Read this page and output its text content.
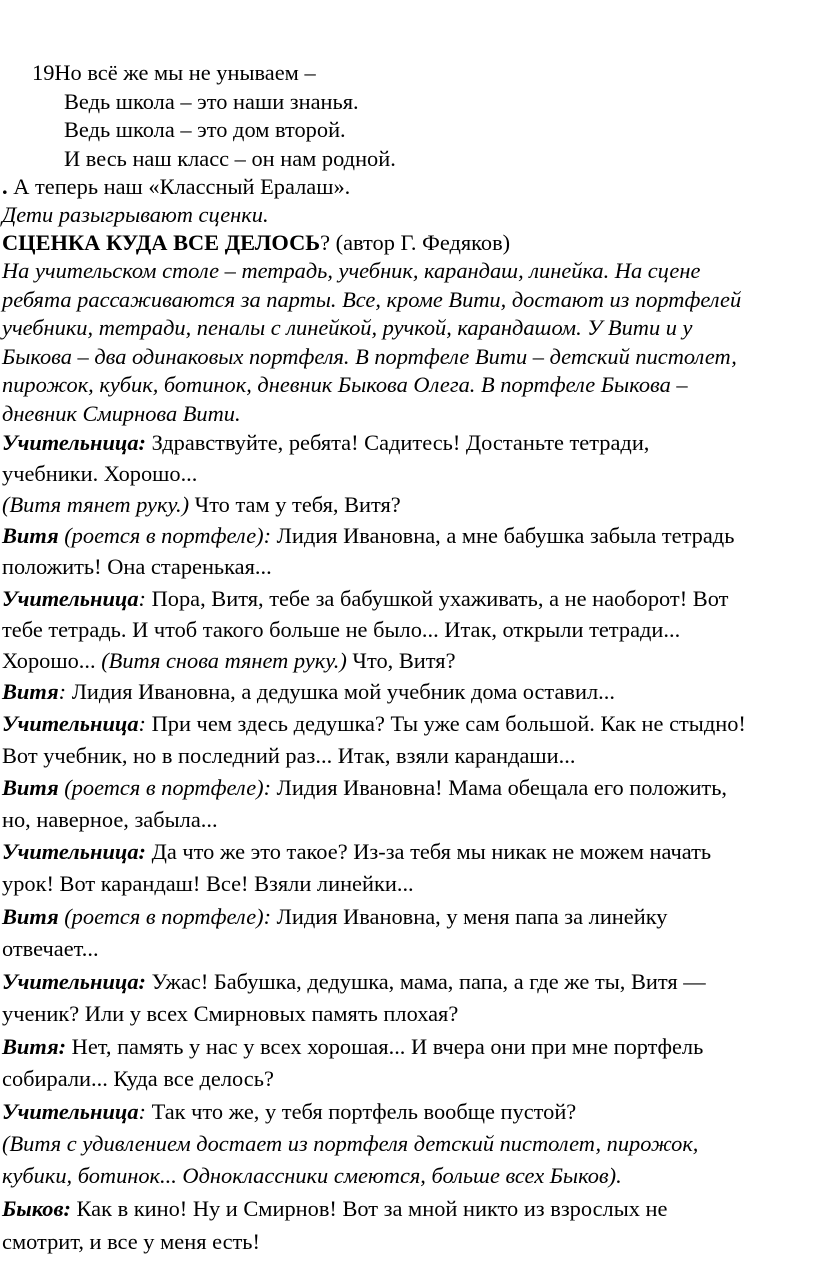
19Но всё же мы не унываем –
Ведь школа – это наши знанья.
Ведь школа – это дом второй.
И весь наш класс – он нам родной.
. А теперь наш «Классный Ералаш».
Дети разыгрывают сценки.
СЦЕНКА КУДА ВСЕ ДЕЛОСЬ? (автор Г. Федяков)
На учительском столе – тетрадь, учебник, карандаш, линейка. На сцене
ребята рассаживаются за парты. Все, кроме Вити, достают из портфелей
учебники, тетради, пеналы с линейкой, ручкой, карандашом. У Вити и у
Быкова – два одинаковых портфеля. В портфеле Вити – детский пистолет,
пирожок, кубик, ботинок, дневник Быкова Олега. В портфеле Быкова –
дневник Смирнова Вити.
Учительница: Здравствуйте, ребята! Садитесь! Достаньте тетради,
учебники. Хорошо...
(Витя тянет руку.) Что там у тебя, Витя?
Витя (роется в портфеле): Лидия Ивановна, а мне бабушка забыла тетрадь
положить! Она старенькая...
Учительница: Пора, Витя, тебе за бабушкой ухаживать, а не наоборот! Вот
тебе тетрадь. И чтоб такого больше не было... Итак, открыли тетради...
Хорошо... (Витя снова тянет руку.) Что, Витя?
Витя: Лидия Ивановна, а дедушка мой учебник дома оставил...
Учительница: При чем здесь дедушка? Ты уже сам большой. Как не стыдно!
Вот учебник, но в последний раз... Итак, взяли карандаши...
Витя (роется в портфеле): Лидия Ивановна! Мама обещала его положить,
но, наверное, забыла...
Учительница: Да что же это такое? Из-за тебя мы никак не можем начать
урок! Вот карандаш! Все! Взяли линейки...
Витя (роется в портфеле): Лидия Ивановна, у меня папа за линейку
отвечает...
Учительница: Ужас! Бабушка, дедушка, мама, папа, а где же ты, Витя —
ученик? Или у всех Смирновых память плохая?
Витя: Нет, память у нас у всех хорошая... И вчера они при мне портфель
собирали... Куда все делось?
Учительница: Так что же, у тебя портфель вообще пустой?
(Витя с удивлением достает из портфеля детский пистолет, пирожок,
кубики, ботинок... Одноклассники смеются, больше всех Быков).
Быков: Как в кино! Ну и Смирнов! Вот за мной никто из взрослых не
смотрит, и все у меня есть!
